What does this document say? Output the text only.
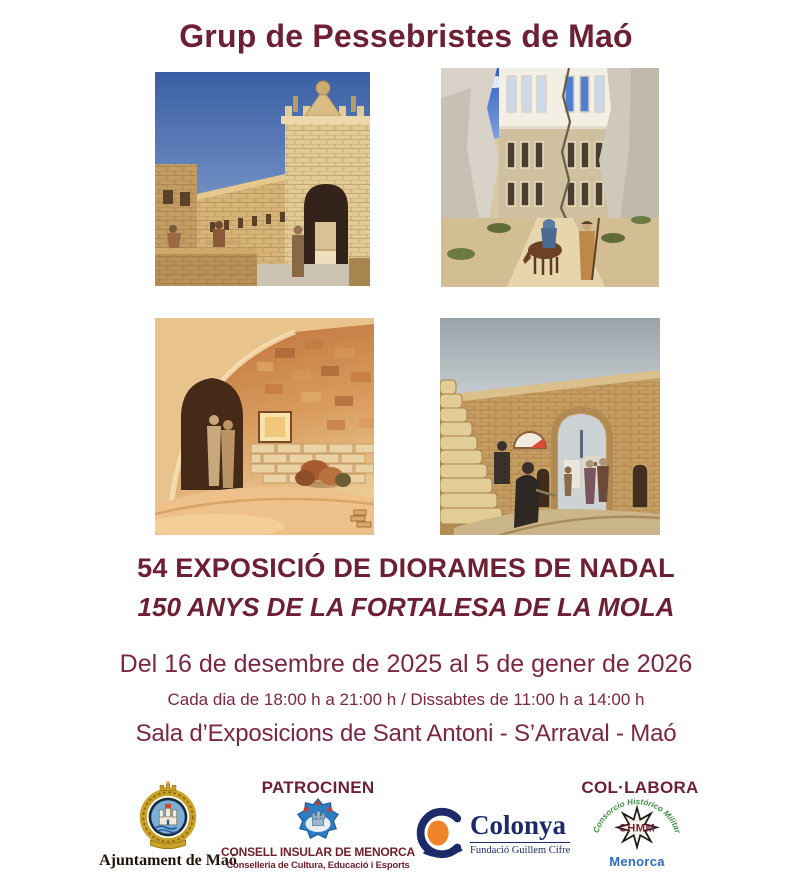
Grup de Pessebristes de Maó
54 EXPOSICIÓ DE DIORAMES DE NADAL
150 ANYS DE LA FORTALESA DE LA MOLA
Del 16 de desembre de 2025 al 5 de gener de 2026
Cada dia de 18:00 h a 21:00 h / Dissabtes de 11:00 h a 14:00 h
Sala d’Exposicions de Sant Antoni - S’Arraval - Maó
PATROCINEN	COL·LABORA
Ajuntament de Maó
CONSELL INSULAR DE MENORCA
Conselleria de Cultura, Educació i Esports
Colonya
Fundació Guillem Cifre
Consorcio Histórico Militar
CHMM
Menorca
